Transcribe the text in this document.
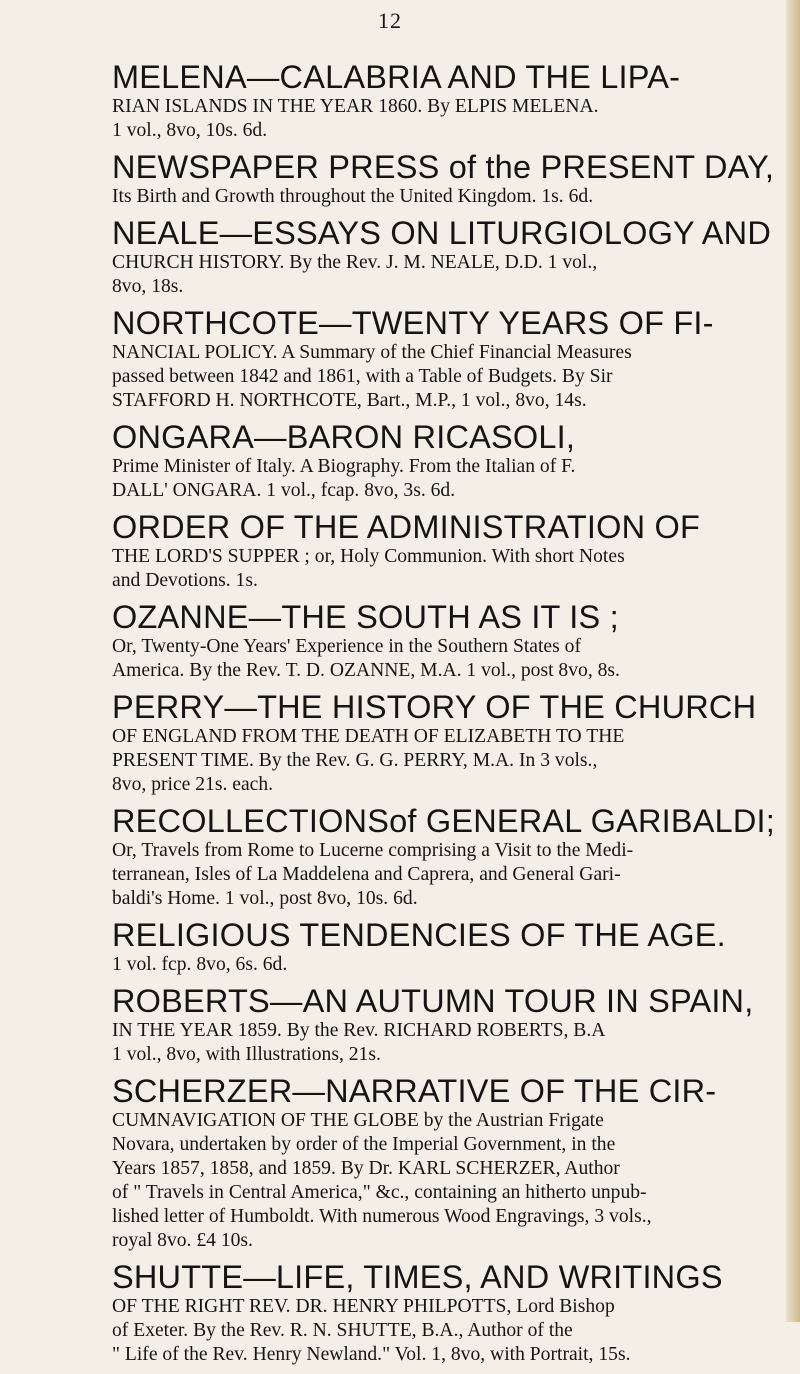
12
MELENA—CALABRIA AND THE LIPA-
RIAN ISLANDS IN THE YEAR 1860. By ELPIS MELENA.
1 vol., 8vo, 10s. 6d.
NEWSPAPER PRESS of the PRESENT DAY,
Its Birth and Growth throughout the United Kingdom. 1s. 6d.
NEALE—ESSAYS ON LITURGIOLOGY AND
CHURCH HISTORY. By the Rev. J. M. NEALE, D.D. 1 vol.,
8vo, 18s.
NORTHCOTE—TWENTY YEARS OF FI-
NANCIAL POLICY. A Summary of the Chief Financial Measures
passed between 1842 and 1861, with a Table of Budgets. By Sir
STAFFORD H. NORTHCOTE, Bart., M.P., 1 vol., 8vo, 14s.
ONGARA—BARON RICASOLI,
Prime Minister of Italy. A Biography. From the Italian of F.
DALL' ONGARA. 1 vol., fcap. 8vo, 3s. 6d.
ORDER OF THE ADMINISTRATION OF
THE LORD'S SUPPER ; or, Holy Communion. With short Notes
and Devotions. 1s.
OZANNE—THE SOUTH AS IT IS ;
Or, Twenty-One Years' Experience in the Southern States of
America. By the Rev. T. D. OZANNE, M.A. 1 vol., post 8vo, 8s.
PERRY—THE HISTORY OF THE CHURCH
OF ENGLAND FROM THE DEATH OF ELIZABETH TO THE
PRESENT TIME. By the Rev. G. G. PERRY, M.A. In 3 vols.,
8vo, price 21s. each.
RECOLLECTIONSof GENERAL GARIBALDI;
Or, Travels from Rome to Lucerne comprising a Visit to the Medi-
terranean, Isles of La Maddelena and Caprera, and General Gari-
baldi's Home. 1 vol., post 8vo, 10s. 6d.
RELIGIOUS TENDENCIES OF THE AGE.
1 vol. fcp. 8vo, 6s. 6d.
ROBERTS—AN AUTUMN TOUR IN SPAIN,
IN THE YEAR 1859. By the Rev. RICHARD ROBERTS, B.A
1 vol., 8vo, with Illustrations, 21s.
SCHERZER—NARRATIVE OF THE CIR-
CUMNAVIGATION OF THE GLOBE by the Austrian Frigate
Novara, undertaken by order of the Imperial Government, in the
Years 1857, 1858, and 1859. By Dr. KARL SCHERZER, Author
of " Travels in Central America," &c., containing an hitherto unpub-
lished letter of Humboldt. With numerous Wood Engravings, 3 vols.,
royal 8vo. £4 10s.
SHUTTE—LIFE, TIMES, AND WRITINGS
OF THE RIGHT REV. DR. HENRY PHILPOTTS, Lord Bishop
of Exeter. By the Rev. R. N. SHUTTE, B.A., Author of the
" Life of the Rev. Henry Newland." Vol. 1, 8vo, with Portrait, 15s.
